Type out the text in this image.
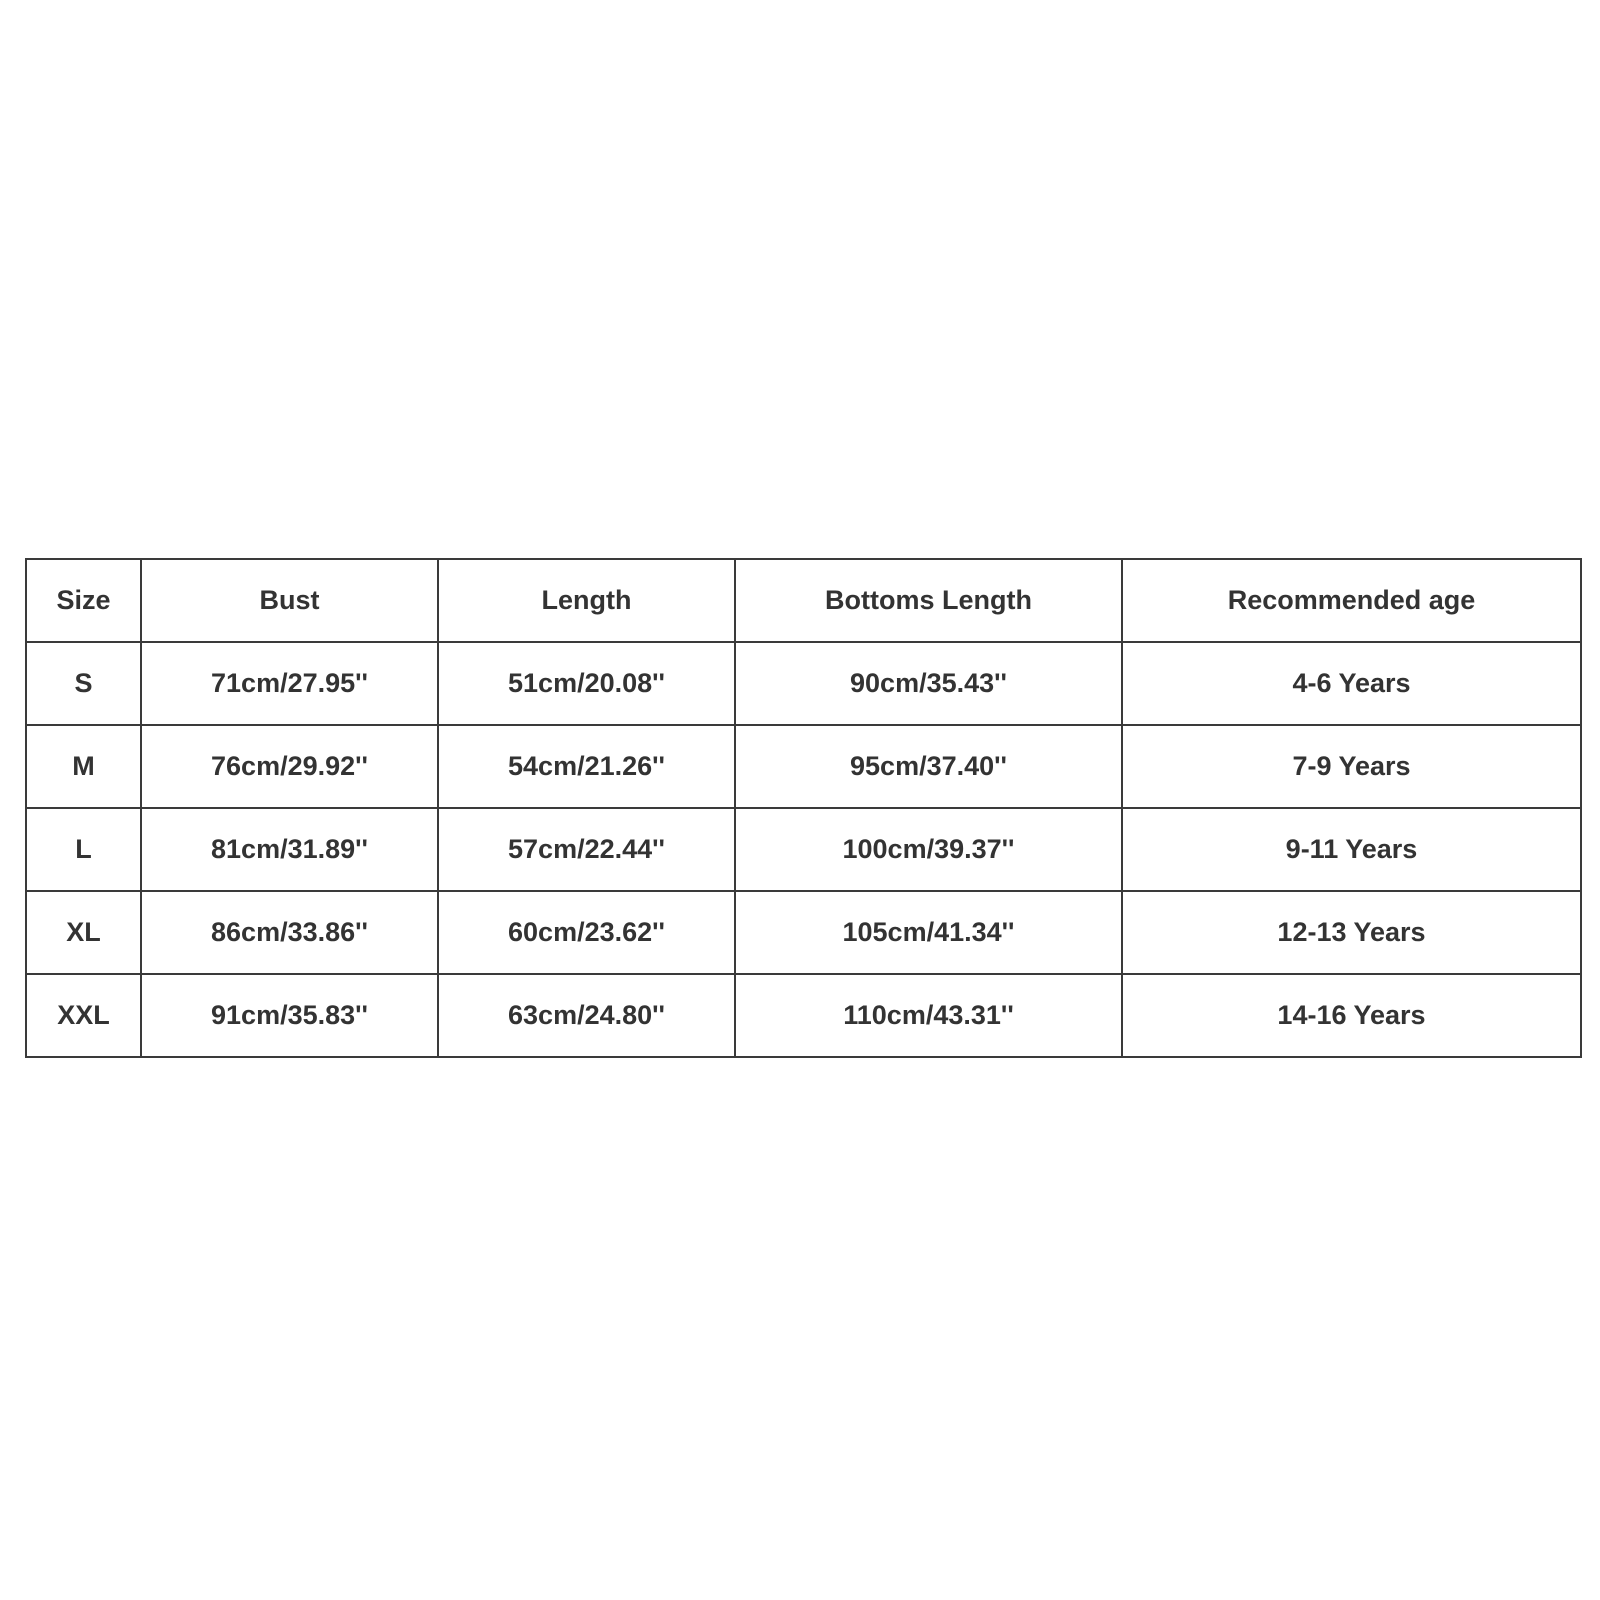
Size	Bust	Length	Bottoms Length	Recommended age
S	71cm/27.95''	51cm/20.08''	90cm/35.43''	4-6 Years
M	76cm/29.92''	54cm/21.26''	95cm/37.40''	7-9 Years
L	81cm/31.89''	57cm/22.44''	100cm/39.37''	9-11 Years
XL	86cm/33.86''	60cm/23.62''	105cm/41.34''	12-13 Years
XXL	91cm/35.83''	63cm/24.80''	110cm/43.31''	14-16 Years
